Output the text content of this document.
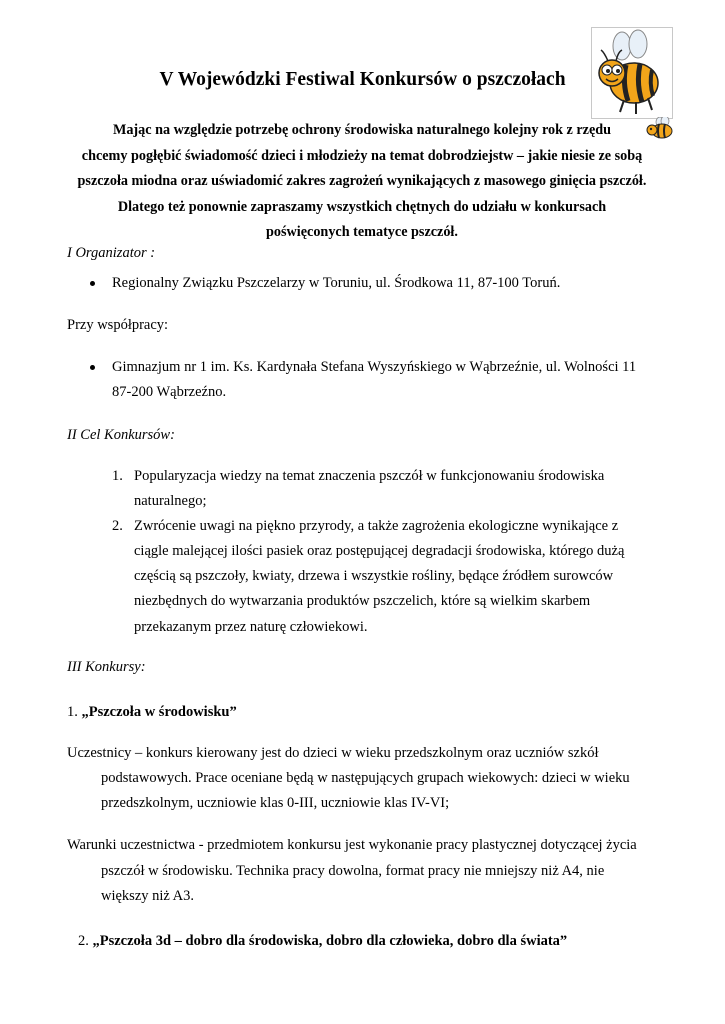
V Wojewódzki Festiwal Konkursów o pszczołach

Mając na względzie potrzebę ochrony środowiska naturalnego kolejny rok z rzędu

chcemy pogłębić świadomość dzieci i młodzieży na temat dobrodziejstw – jakie niesie ze sobą

pszczoła miodna oraz uświadomić zakres zagrożeń wynikających z masowego ginięcia pszczół.

Dlatego też ponownie zapraszamy wszystkich chętnych do udziału w konkursach

poświęconych tematyce pszczół.

I Organizator :
Regionalny Związku Pszczelarzy w Toruniu, ul. Środkowa 11, 87-100 Toruń.
Przy współpracy:
Gimnazjum nr 1 im. Ks. Kardynała Stefana Wyszyńskiego w Wąbrzeźnie, ul. Wolności 11
87-200 Wąbrzeźno.
II Cel Konkursów:
1. Popularyzacja wiedzy na temat znaczenia pszczół w funkcjonowaniu środowiska
naturalnego;
2. Zwrócenie uwagi na piękno przyrody, a także zagrożenia ekologiczne wynikające z
ciągle malejącej ilości pasiek oraz postępującej degradacji środowiska, którego dużą
częścią są pszczoły, kwiaty, drzewa i wszystkie rośliny, będące źródłem surowców
niezbędnych do wytwarzania produktów pszczelich, które są wielkim skarbem
przekazanym przez naturę człowiekowi.
III Konkursy:
1. „Pszczoła w środowisku”
Uczestnicy – konkurs kierowany jest do dzieci w wieku przedszkolnym oraz uczniów szkół
podstawowych. Prace oceniane będą w następujących grupach wiekowych: dzieci w wieku
przedszkolnym, uczniowie klas 0-III, uczniowie klas IV-VI;
Warunki uczestnictwa - przedmiotem konkursu jest wykonanie pracy plastycznej dotyczącej życia
pszczół w środowisku. Technika pracy dowolna, format pracy nie mniejszy niż A4, nie
większy niż A3.
2. „Pszczoła 3d – dobro dla środowiska, dobro dla człowieka, dobro dla świata”
